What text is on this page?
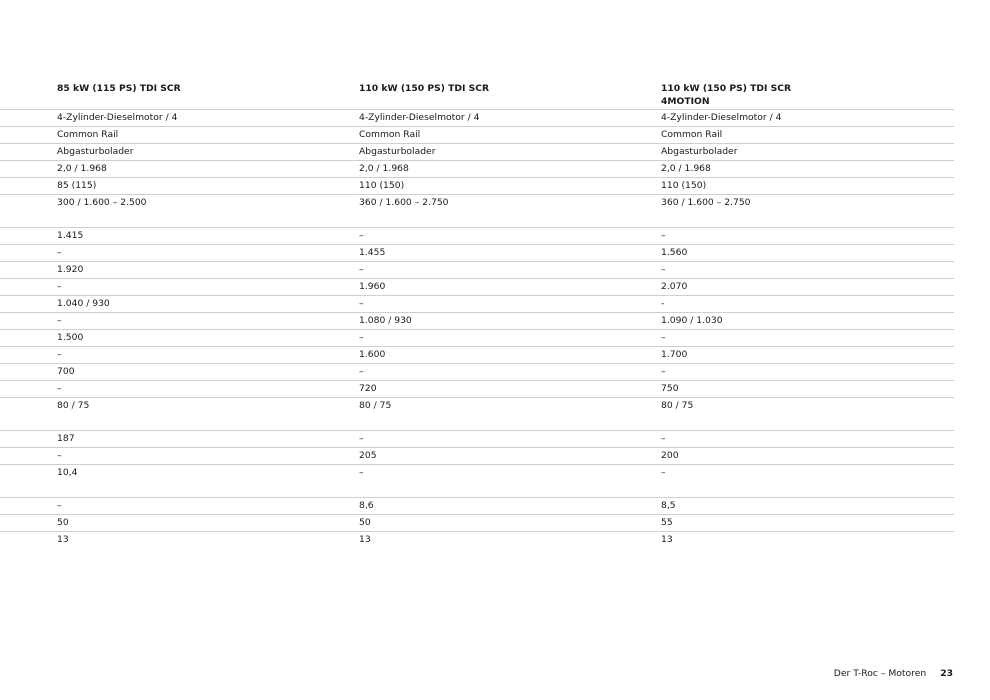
85 kW (115 PS) TDI SCR	110 kW (150 PS) TDI SCR	110 kW (150 PS) TDI SCR
4MOTION
4-Zylinder-Dieselmotor / 4	4-Zylinder-Dieselmotor / 4	4-Zylinder-Dieselmotor / 4
Common Rail	Common Rail	Common Rail
Abgasturbolader	Abgasturbolader	Abgasturbolader
2,0 / 1.968	2,0 / 1.968	2,0 / 1.968
85 (115)	110 (150)	110 (150)
300 / 1.600 – 2.500	360 / 1.600 – 2.750	360 / 1.600 – 2.750
1.415	–	–
–	1.455	1.560
1.920	–	–
–	1.960	2.070
1.040 / 930	–	-
–	1.080 / 930	1.090 / 1.030
1.500	–	–
–	1.600	1.700
700	–	–
–	720	750
80 / 75	80 / 75	80 / 75
187	–	–
–	205	200
10,4	–	–
–	8,6	8,5
50	50	55
13	13	13
Der T-Roc – Motoren 23
